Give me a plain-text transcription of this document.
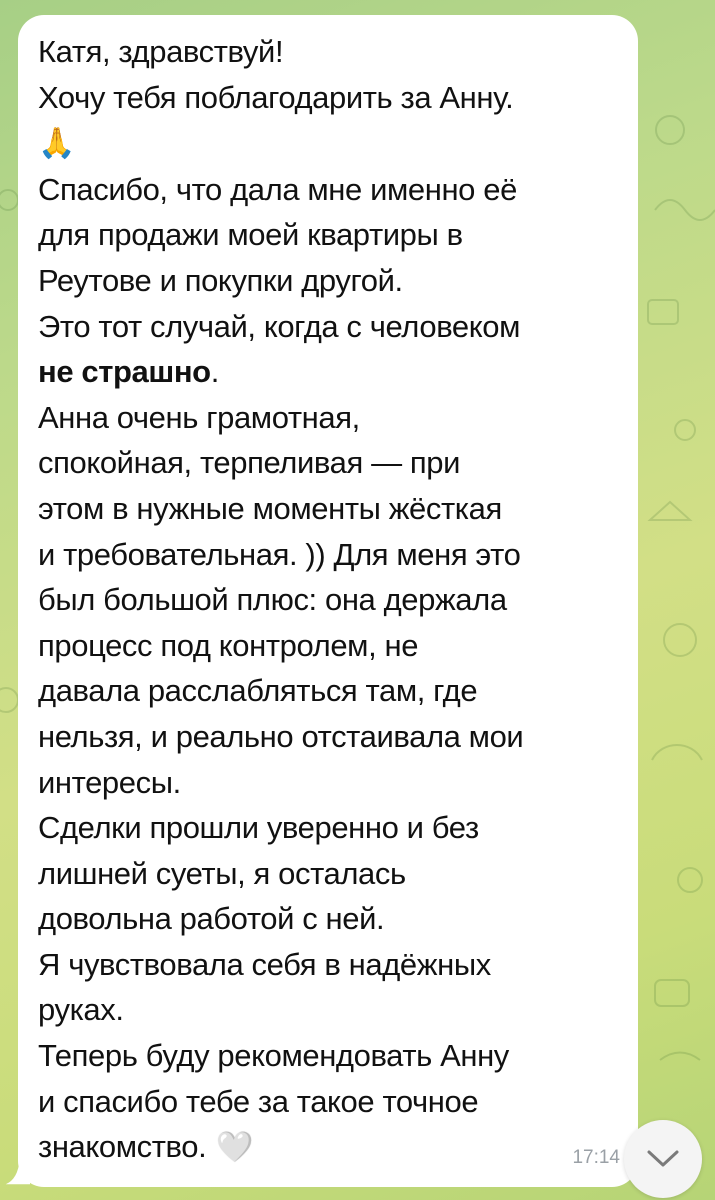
Катя, здравствуй!
Хочу тебя поблагодарить за Анну.
🙏
Спасибо, что дала мне именно её
для продажи моей квартиры в
Реутове и покупки другой.
Это тот случай, когда с человеком
не страшно.
Анна очень грамотная,
спокойная, терпеливая — при
этом в нужные моменты жёсткая
и требовательная. )) Для меня это
был большой плюс: она держала
процесс под контролем, не
давала расслабляться там, где
нельзя, и реально отстаивала мои
интересы.
Сделки прошли уверенно и без
лишней суеты, я осталась
довольна работой с ней.
Я чувствовала себя в надёжных
руках.
Теперь буду рекомендовать Анну
и спасибо тебе за такое точное
знакомство. 🤍	17:14
